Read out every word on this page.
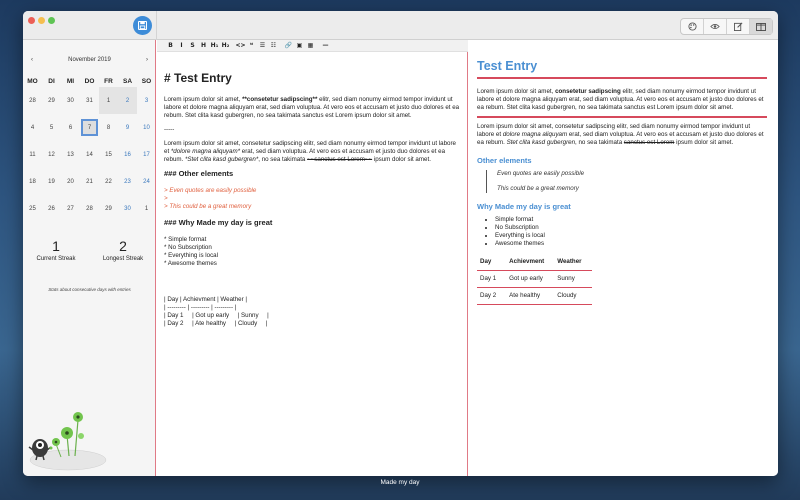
‹	November 2019	›
MO	DI	MI	DO	FR	SA	SO
28 29 30 31 1	2	3
4	5	6	7	8	9 10
11 12 13 14 15 16 17
18 19 20 21 22 23 24
25 26 27 28 29 30 1
1
Current Streak
2
Longest Streak
Stats about consecutive days with entries
B	I	S	H H₁ H₂ <> ❝	☰ ☷	🔗 ▣ ▦	—
# Test Entry
Lorem ipsum dolor sit amet, **consetetur sadipscing** elitr, sed diam nonumy eirmod tempor invidunt ut labore et dolore magna aliquyam erat, sed diam voluptua. At vero eos et accusam et justo duo dolores et ea rebum. Stet clita kasd gubergren, no sea takimata sanctus est Lorem ipsum dolor sit amet.
-----
Lorem ipsum dolor sit amet, consetetur sadipscing elitr, sed diam nonumy eirmod tempor invidunt ut labore et *dolore magna aliquyam* erat, sed diam voluptua. At vero eos et accusam et justo duo dolores et ea rebum. *Stet clita kasd gubergren*, no sea takimata ~~sanctus est Lorem~~ ipsum dolor sit amet.
### Other elements
> Even quotes are easily possible
>
> This could be a great memory
### Why Made my day is great
* Simple format
* No Subscription
* Everything is local
* Awesome themes
| Day | Achievment | Weather |
| --------- | --------- | --------- |
| Day 1     | Got up early     | Sunny     |
| Day 2     | Ate healthy     | Cloudy     |
Test Entry
Lorem ipsum dolor sit amet, consetetur sadipscing elitr, sed diam nonumy eirmod tempor invidunt ut labore et dolore magna aliquyam erat, sed diam voluptua. At vero eos et accusam et justo duo dolores et ea rebum. Stet clita kasd gubergren, no sea takimata sanctus est Lorem ipsum dolor sit amet.
Lorem ipsum dolor sit amet, consetetur sadipscing elitr, sed diam nonumy eirmod tempor invidunt ut labore et dolore magna aliquyam erat, sed diam voluptua. At vero eos et accusam et justo duo dolores et ea rebum. Stet clita kasd gubergren, no sea takimata sanctus est Lorem ipsum dolor sit amet.
Other elements
Even quotes are easily possible
This could be a great memory
Why Made my day is great
• Simple format
• No Subscription
• Everything is local
• Awesome themes
Day	Achievment	Weather
Day 1	Got up early	Sunny
Day 2	Ate healthy	Cloudy
Made my day
